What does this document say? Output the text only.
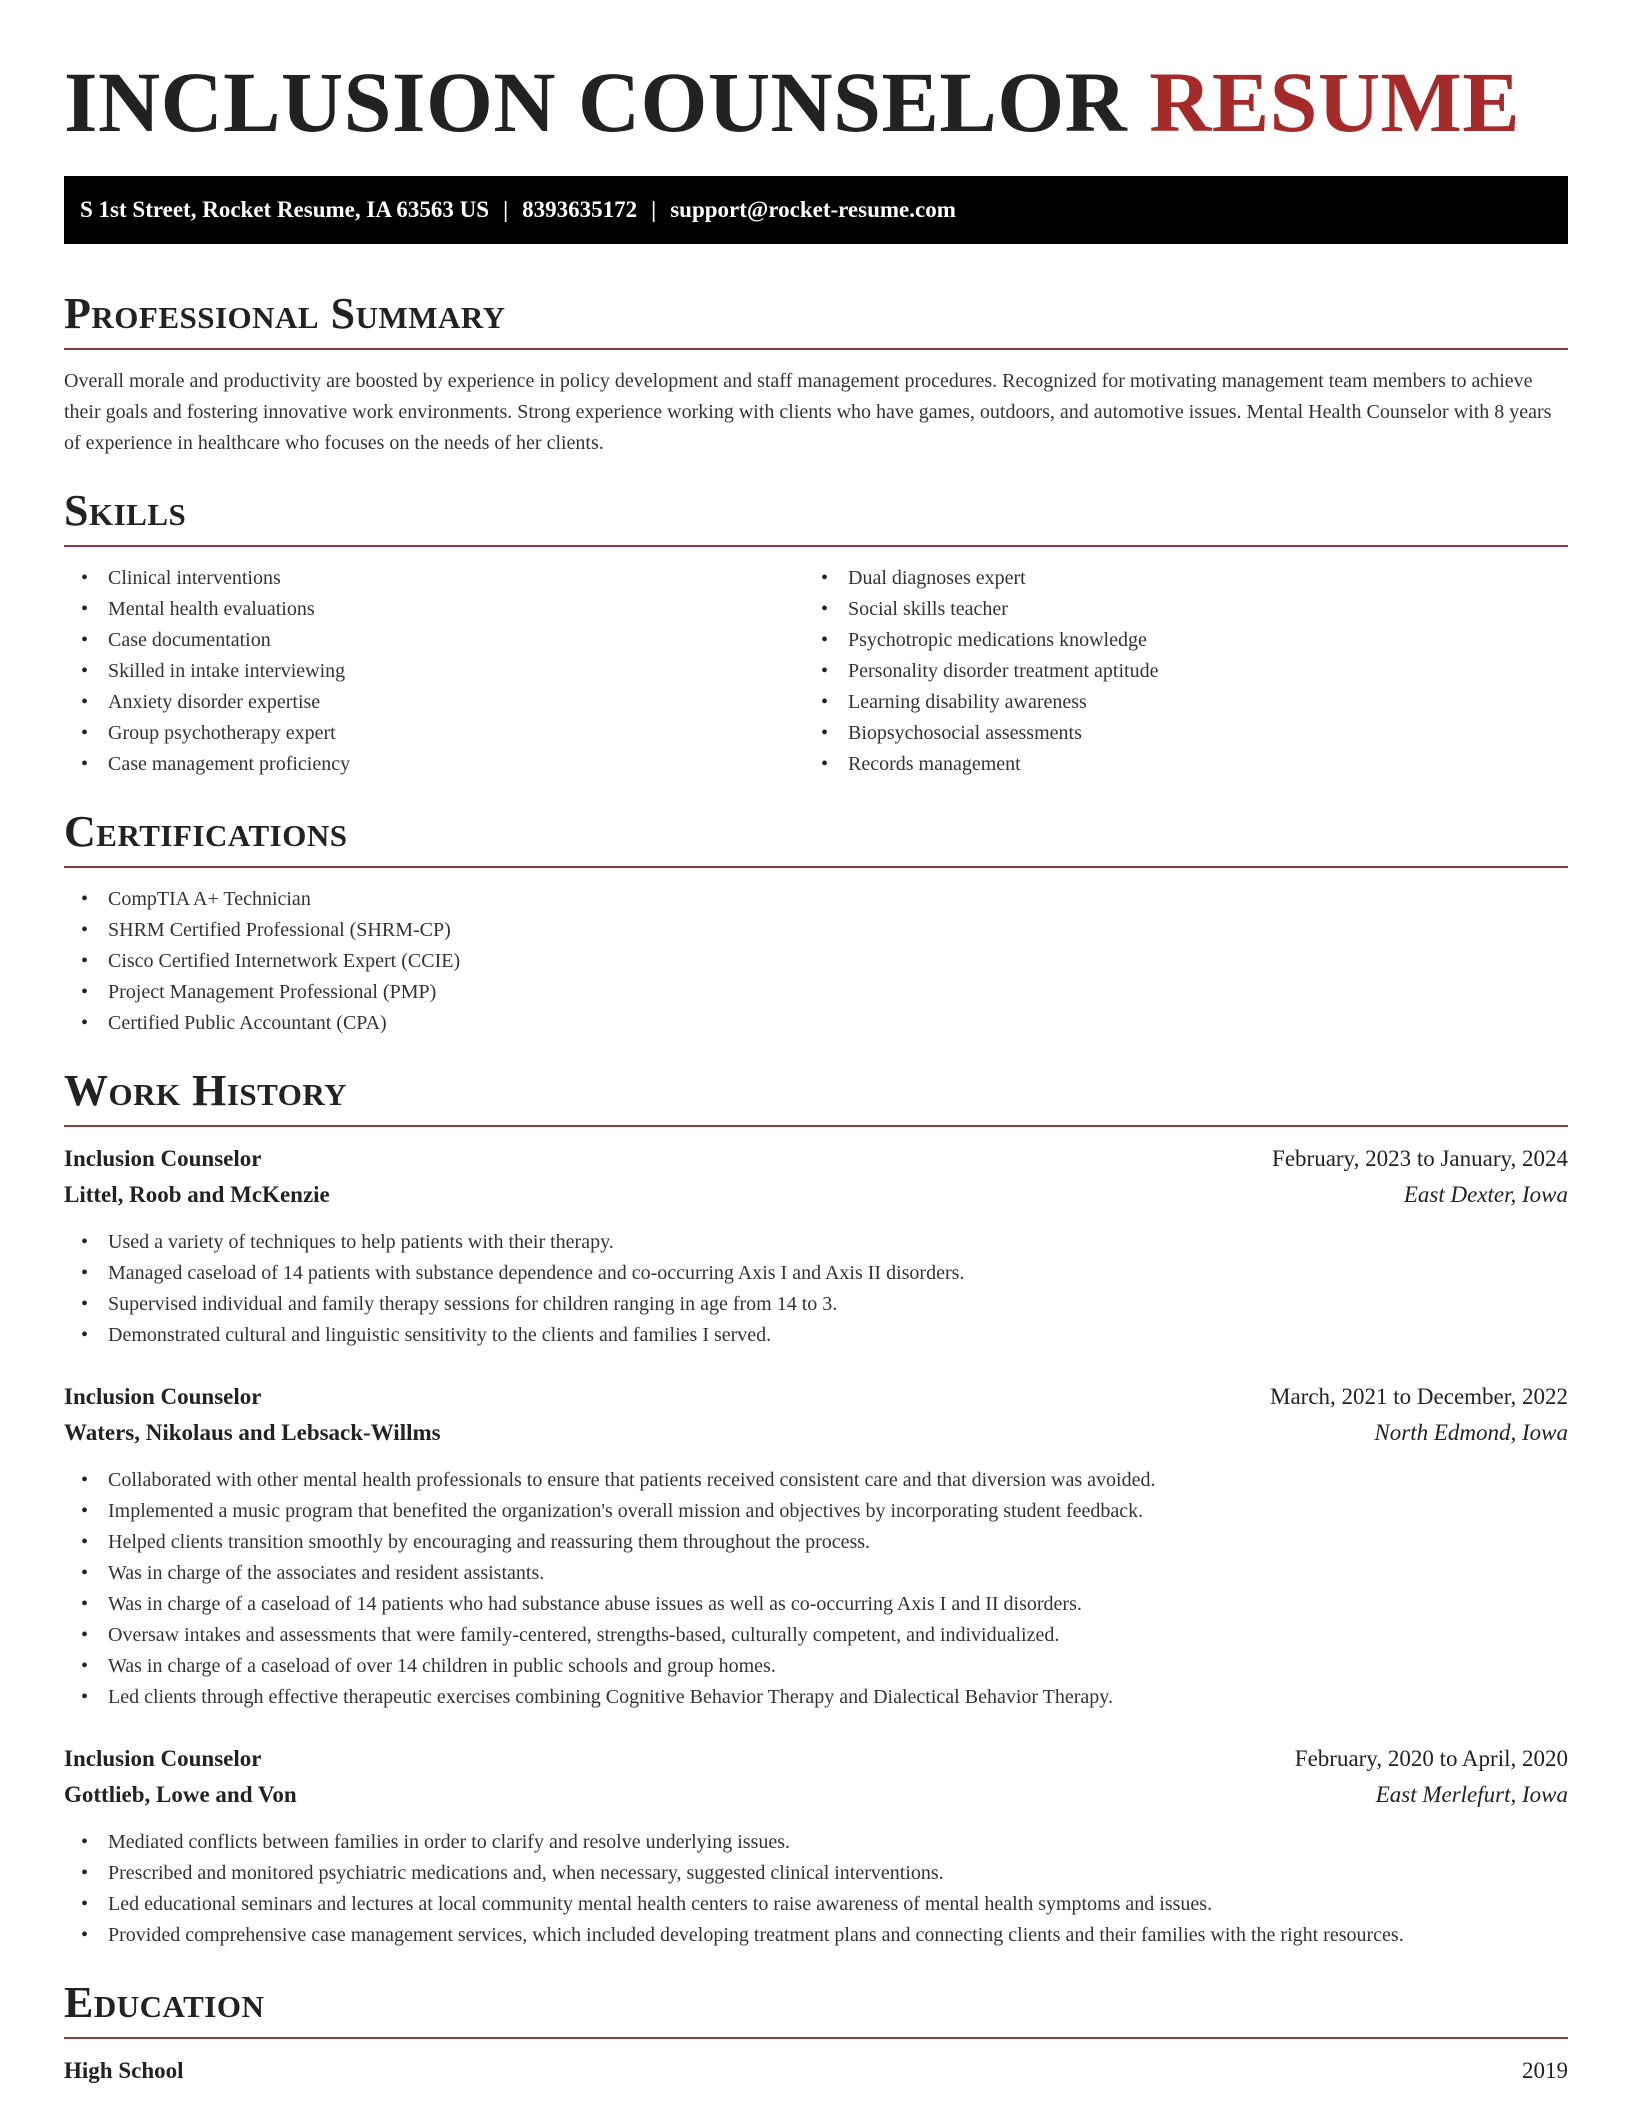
INCLUSION COUNSELOR RESUME
S 1st Street, Rocket Resume, IA 63563 US | 8393635172 | support@rocket-resume.com
Professional Summary

Overall morale and productivity are boosted by experience in policy development and staff management procedures. Recognized for motivating management team members to achieve their goals and fostering innovative work environments. Strong experience working with clients who have games, outdoors, and automotive issues. Mental Health Counselor with 8 years of experience in healthcare who focuses on the needs of her clients.

Skills
• Clinical interventions
• Mental health evaluations
• Case documentation
• Skilled in intake interviewing
• Anxiety disorder expertise
• Group psychotherapy expert
• Case management proficiency
• Dual diagnoses expert
• Social skills teacher
• Psychotropic medications knowledge
• Personality disorder treatment aptitude
• Learning disability awareness
• Biopsychosocial assessments
• Records management
Certifications
• CompTIA A+ Technician
• SHRM Certified Professional (SHRM-CP)
• Cisco Certified Internetwork Expert (CCIE)
• Project Management Professional (PMP)
• Certified Public Accountant (CPA)
Work History
Inclusion Counselor	February, 2023 to January, 2024
Littel, Roob and McKenzie	East Dexter, Iowa
• Used a variety of techniques to help patients with their therapy.
• Managed caseload of 14 patients with substance dependence and co-occurring Axis I and Axis II disorders.
• Supervised individual and family therapy sessions for children ranging in age from 14 to 3.
• Demonstrated cultural and linguistic sensitivity to the clients and families I served.
Inclusion Counselor	March, 2021 to December, 2022
Waters, Nikolaus and Lebsack-Willms	North Edmond, Iowa
• Collaborated with other mental health professionals to ensure that patients received consistent care and that diversion was avoided.
• Implemented a music program that benefited the organization's overall mission and objectives by incorporating student feedback.
• Helped clients transition smoothly by encouraging and reassuring them throughout the process.
• Was in charge of the associates and resident assistants.
• Was in charge of a caseload of 14 patients who had substance abuse issues as well as co-occurring Axis I and II disorders.
• Oversaw intakes and assessments that were family-centered, strengths-based, culturally competent, and individualized.
• Was in charge of a caseload of over 14 children in public schools and group homes.
• Led clients through effective therapeutic exercises combining Cognitive Behavior Therapy and Dialectical Behavior Therapy.
Inclusion Counselor	February, 2020 to April, 2020
Gottlieb, Lowe and Von	East Merlefurt, Iowa
• Mediated conflicts between families in order to clarify and resolve underlying issues.
• Prescribed and monitored psychiatric medications and, when necessary, suggested clinical interventions.
• Led educational seminars and lectures at local community mental health centers to raise awareness of mental health symptoms and issues.
• Provided comprehensive case management services, which included developing treatment plans and connecting clients and their families with the right resources.
Education
High School	2019
